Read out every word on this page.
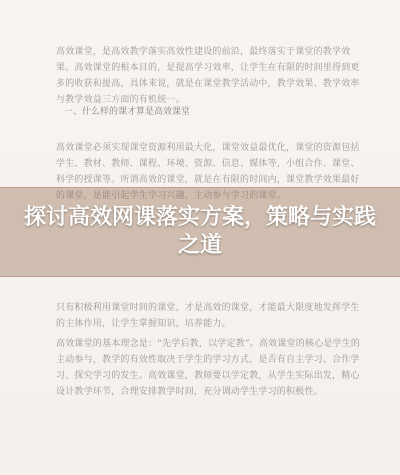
高效课堂，是高效教学落实高效性建设的前沿，最终落实于课堂的教学效果。高效课堂的根本目的，是提高学习效率，让学生在有限的时间里得到更多的收获和提高，具体来说，就是在课堂教学活动中，教学效果、教学效率与教学效益三方面的有机统一。
一、什么样的课才算是高效课堂
高效课堂必须实现课堂资源利用最大化，课堂效益最优化，课堂的资源包括学生、教材、教师、课程、环境、资源、信息、媒体等，小组合作、课堂、科学的授课等。所谓高效的课堂，就是在有限的时间内，课堂教学效果最好的课堂，是能引起学生学习兴趣、主动参与学习的课堂。
只有积极利用课堂时间的课堂，才是高效的课堂，才能最大限度地发挥学生的主体作用，让学生掌握知识，培养能力。
高效课堂的基本理念是：“先学后教，以学定教”。高效课堂的核心是学生的主动参与，教学的有效性取决于学生的学习方式，是否有自主学习、合作学习、探究学习的发生。高效课堂，教师要以学定教，从学生实际出发，精心设计教学环节，合理安排教学时间，充分调动学生学习的积极性。
探讨高效网课落实方案，策略与实践之道
